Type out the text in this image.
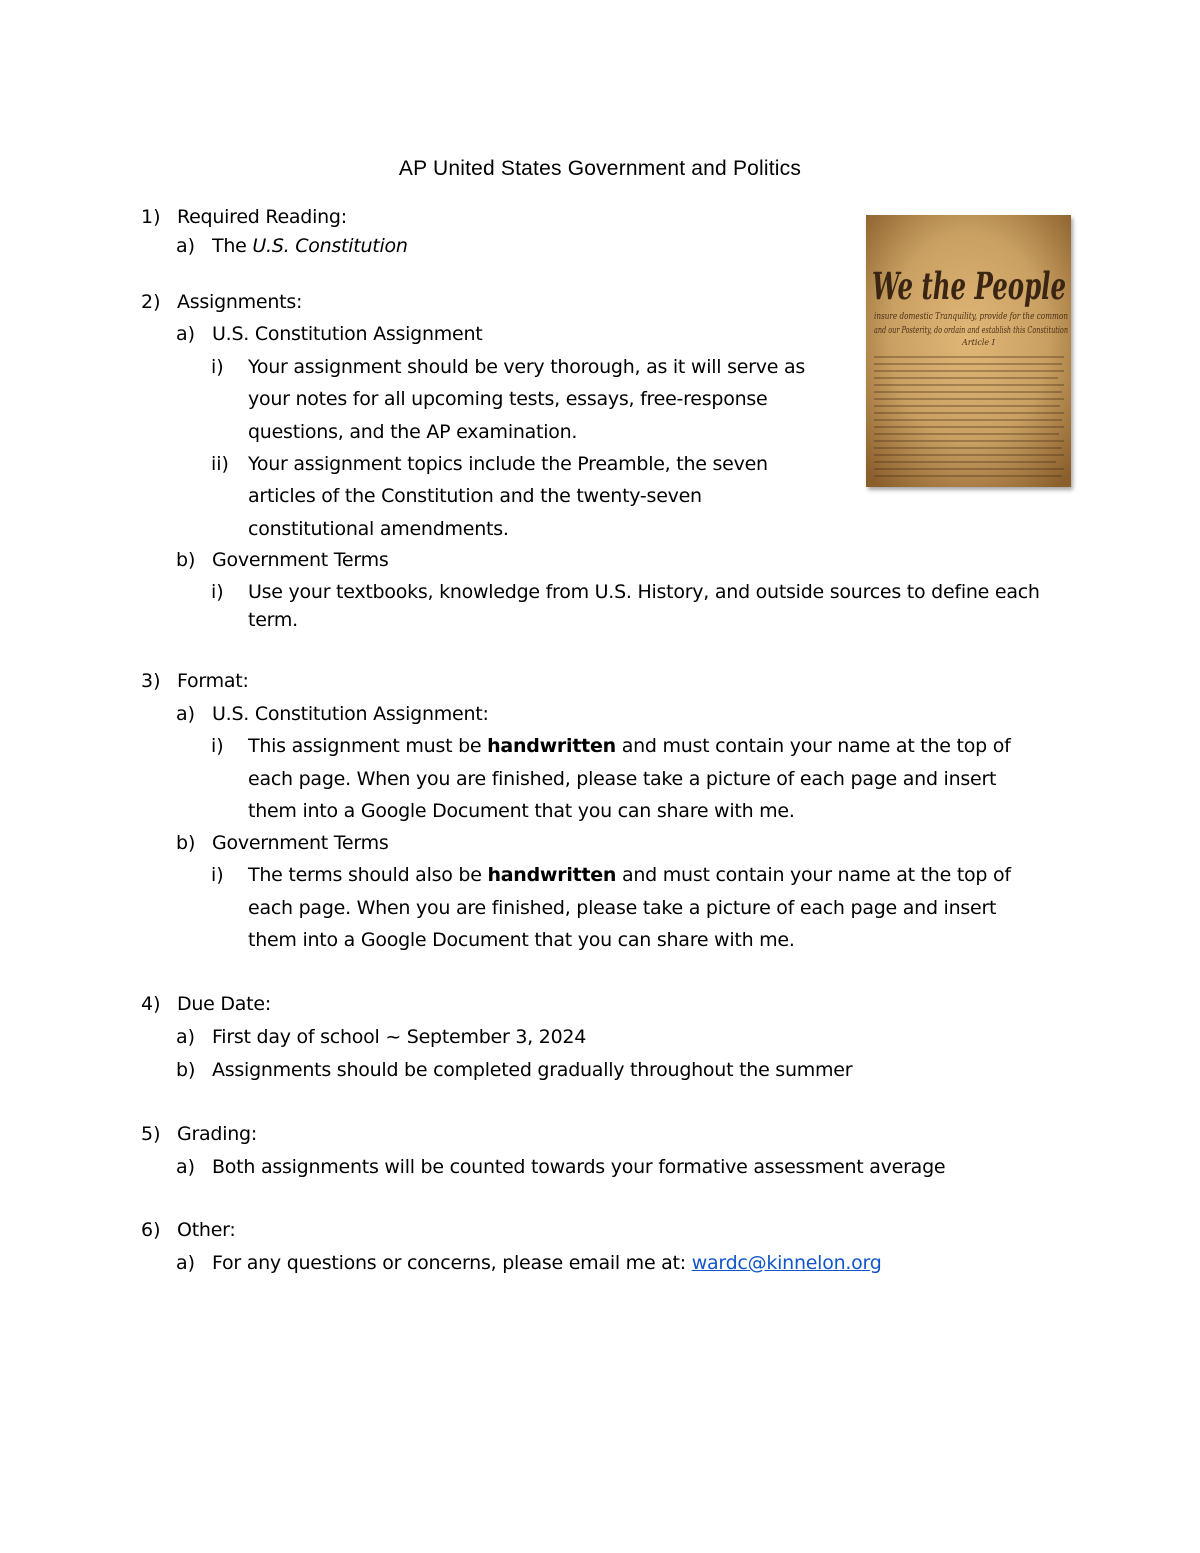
AP United States Government and Politics
We the People
insure domestic Tranquility, provide for the common
and our Posterity, do ordain and establish this Constitution
Article I
1) Required Reading:
a) The U.S. Constitution
2) Assignments:
a) U.S. Constitution Assignment
i) Your assignment should be very thorough, as it will serve as
your notes for all upcoming tests, essays, free-response
questions, and the AP examination.
ii) Your assignment topics include the Preamble, the seven
articles of the Constitution and the twenty-seven
constitutional amendments.
b) Government Terms
i) Use your textbooks, knowledge from U.S. History, and outside sources to define each
term.
3) Format:
a) U.S. Constitution Assignment:
i) This assignment must be handwritten and must contain your name at the top of
each page. When you are finished, please take a picture of each page and insert
them into a Google Document that you can share with me.
b) Government Terms
i) The terms should also be handwritten and must contain your name at the top of
each page. When you are finished, please take a picture of each page and insert
them into a Google Document that you can share with me.
4) Due Date:
a) First day of school ~ September 3, 2024
b) Assignments should be completed gradually throughout the summer
5) Grading:
a) Both assignments will be counted towards your formative assessment average
6) Other:
a) For any questions or concerns, please email me at: wardc@kinnelon.org
